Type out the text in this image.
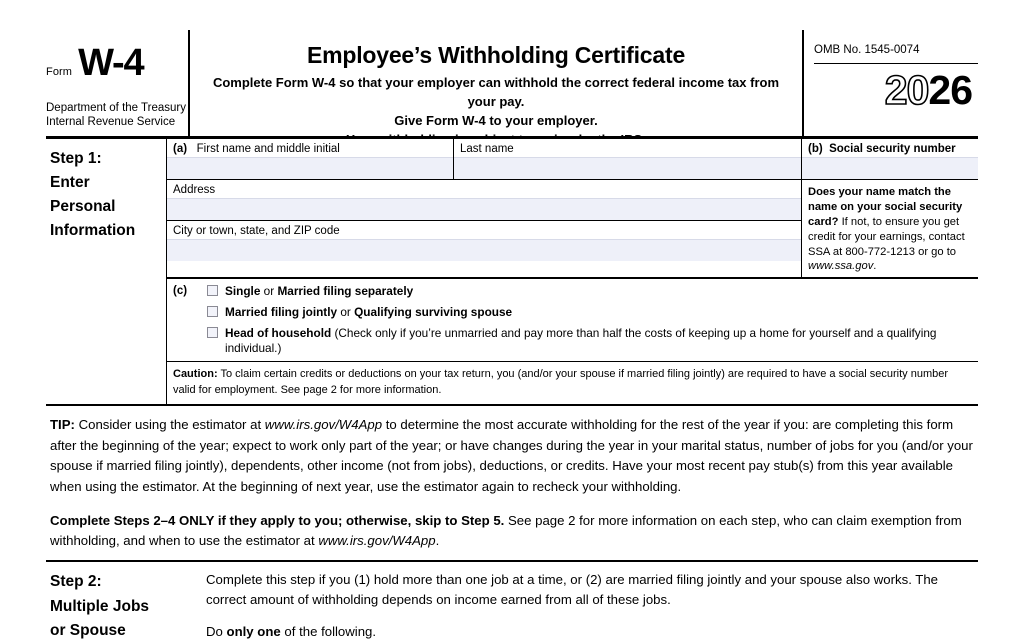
Form W-4
Department of the Treasury
Internal Revenue Service
Employee’s Withholding Certificate
Complete Form W-4 so that your employer can withhold the correct federal income tax from your pay.
Give Form W-4 to your employer.
OMB No. 1545-0074
2026
Step 1:
Enter
Personal
Information
(a) First name and middle initial	Last name
Address
City or town, state, and ZIP code
(b) Social security number
Does your name match the name on your social security card? If not, to ensure you get credit for your earnings, contact SSA at 800-772-1213 or go to www.ssa.gov.
(c)	Single or Married filing separately
Married filing jointly or Qualifying surviving spouse
Head of household (Check only if you’re unmarried and pay more than half the costs of keeping up a home for yourself and a qualifying individual.)
Caution: To claim certain credits or deductions on your tax return, you (and/or your spouse if married filing jointly) are required to have a social security number valid for employment. See page 2 for more information.

TIP: Consider using the estimator at www.irs.gov/W4App to determine the most accurate withholding for the rest of the year if you: are completing this form after the beginning of the year; expect to work only part of the year; or have changes during the year in your marital status, number of jobs for you (and/or your spouse if married filing jointly), dependents, other income (not from jobs), deductions, or credits. Have your most recent pay stub(s) from this year available when using the estimator. At the beginning of next year, use the estimator again to recheck your withholding.

Complete Steps 2–4 ONLY if they apply to you; otherwise, skip to Step 5. See page 2 for more information on each step, who can claim exemption from withholding, and when to use the estimator at www.irs.gov/W4App.

Step 2:
Multiple Jobs
or Spouse

Complete this step if you (1) hold more than one job at a time, or (2) are married filing jointly and your spouse also works. The correct amount of withholding depends on income earned from all of these jobs.

Do only one of the following.
